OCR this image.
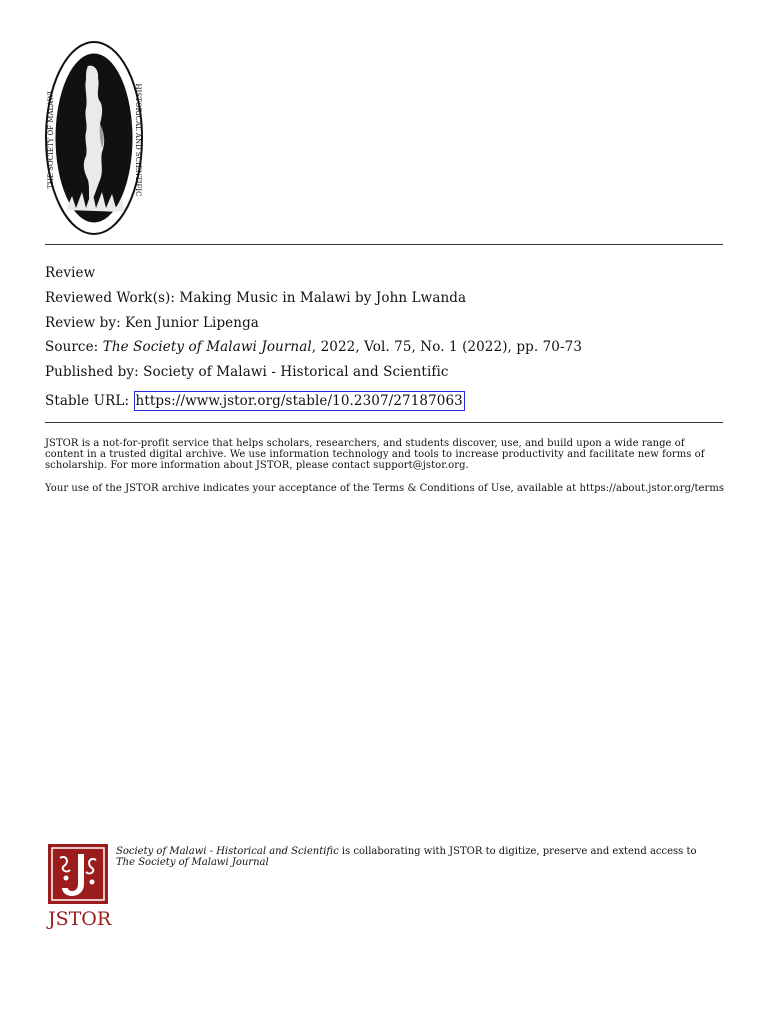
THE SOCIETY OF MALAWI	HISTORICAL AND SCIENTIFIC
Review
Reviewed Work(s): Making Music in Malawi by John Lwanda
Review by: Ken Junior Lipenga
Source: The Society of Malawi Journal, 2022, Vol. 75, No. 1 (2022), pp. 70-73
Published by: Society of Malawi - Historical and Scientific
Stable URL: https://www.jstor.org/stable/10.2307/27187063

JSTOR is a not-for-profit service that helps scholars, researchers, and students discover, use, and build upon a wide range of content in a trusted digital archive. We use information technology and tools to increase productivity and facilitate new forms of scholarship. For more information about JSTOR, please contact support@jstor.org.

Your use of the JSTOR archive indicates your acceptance of the Terms & Conditions of Use, available at https://about.jstor.org/terms

JSTOR
Society of Malawi - Historical and Scientific is collaborating with JSTOR to digitize, preserve and extend access to The Society of Malawi Journal
